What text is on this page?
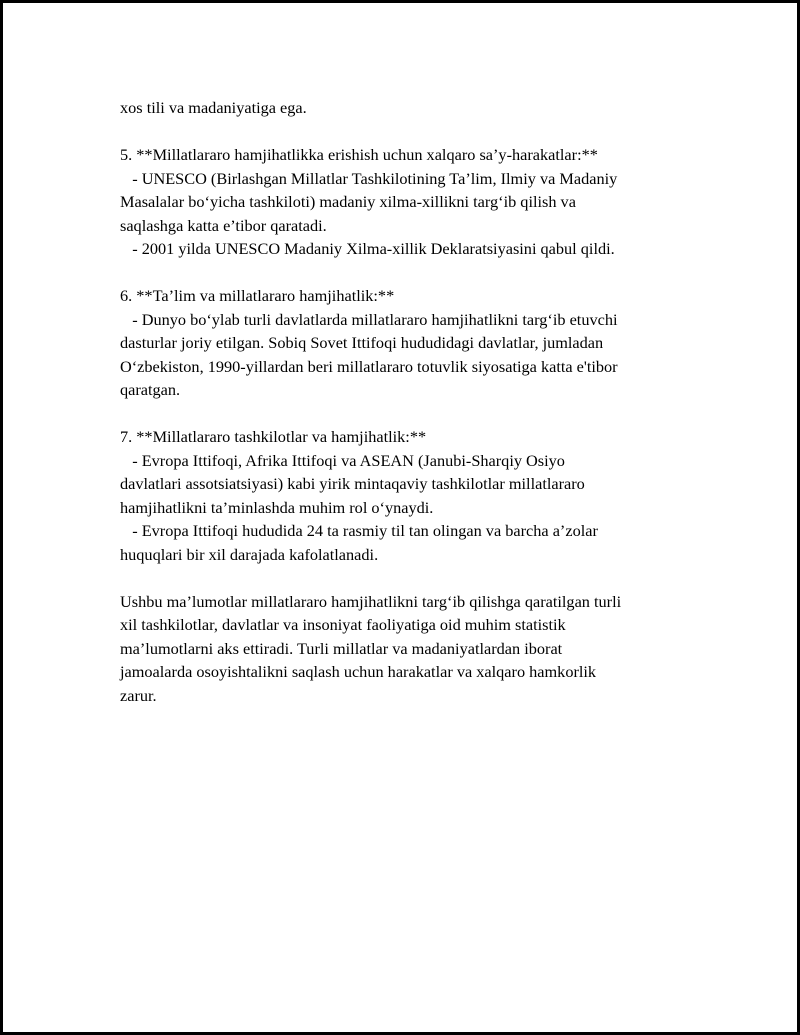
xos tili va madaniyatiga ega.
5. **Millatlararo hamjihatlikka erishish uchun xalqaro sa’y-harakatlar:**
- UNESCO (Birlashgan Millatlar Tashkilotining Ta’lim, Ilmiy va Madaniy
Masalalar bo‘yicha tashkiloti) madaniy xilma-xillikni targ‘ib qilish va
saqlashga katta e’tibor qaratadi.
- 2001 yilda UNESCO Madaniy Xilma-xillik Deklaratsiyasini qabul qildi.
6. **Ta’lim va millatlararo hamjihatlik:**
- Dunyo bo‘ylab turli davlatlarda millatlararo hamjihatlikni targ‘ib etuvchi
dasturlar joriy etilgan. Sobiq Sovet Ittifoqi hududidagi davlatlar, jumladan
O‘zbekiston, 1990-yillardan beri millatlararo totuvlik siyosatiga katta e'tibor
qaratgan.
7. **Millatlararo tashkilotlar va hamjihatlik:**
- Evropa Ittifoqi, Afrika Ittifoqi va ASEAN (Janubi-Sharqiy Osiyo
davlatlari assotsiatsiyasi) kabi yirik mintaqaviy tashkilotlar millatlararo
hamjihatlikni ta’minlashda muhim rol o‘ynaydi.
- Evropa Ittifoqi hududida 24 ta rasmiy til tan olingan va barcha a’zolar
huquqlari bir xil darajada kafolatlanadi.
Ushbu ma’lumotlar millatlararo hamjihatlikni targ‘ib qilishga qaratilgan turli
xil tashkilotlar, davlatlar va insoniyat faoliyatiga oid muhim statistik
ma’lumotlarni aks ettiradi. Turli millatlar va madaniyatlardan iborat
jamoalarda osoyishtalikni saqlash uchun harakatlar va xalqaro hamkorlik
zarur.
